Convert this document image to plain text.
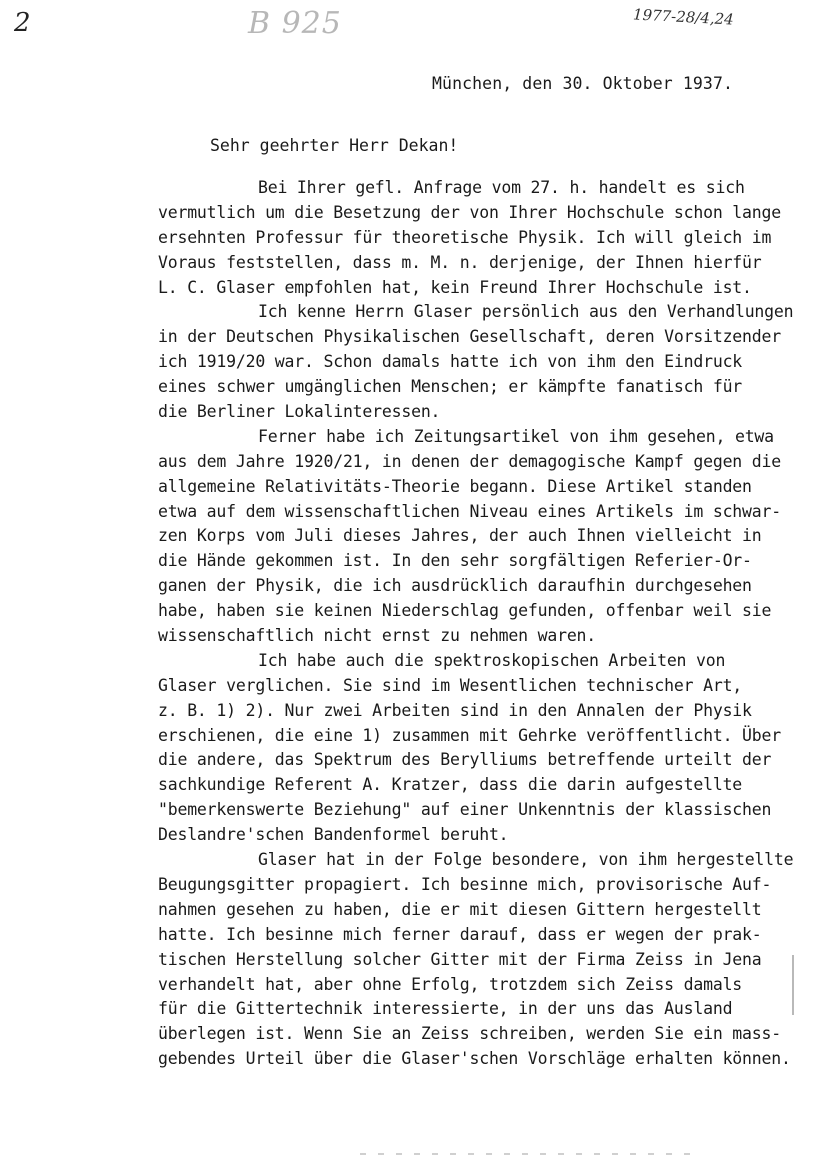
2	B 925	1977-28/4,24
München, den 30. Oktober 1937.
Sehr geehrter Herr Dekan!
Bei Ihrer gefl. Anfrage vom 27. h. handelt es sich
vermutlich um die Besetzung der von Ihrer Hochschule schon lange
ersehnten Professur für theoretische Physik. Ich will gleich im
Voraus feststellen, dass m. M. n. derjenige, der Ihnen hierfür
L. C. Glaser empfohlen hat, kein Freund Ihrer Hochschule ist.
Ich kenne Herrn Glaser persönlich aus den Verhandlungen
in der Deutschen Physikalischen Gesellschaft, deren Vorsitzender
ich 1919/20 war. Schon damals hatte ich von ihm den Eindruck
eines schwer umgänglichen Menschen; er kämpfte fanatisch für
die Berliner Lokalinteressen.
Ferner habe ich Zeitungsartikel von ihm gesehen, etwa
aus dem Jahre 1920/21, in denen der demagogische Kampf gegen die
allgemeine Relativitäts-Theorie begann. Diese Artikel standen
etwa auf dem wissenschaftlichen Niveau eines Artikels im schwar-
zen Korps vom Juli dieses Jahres, der auch Ihnen vielleicht in
die Hände gekommen ist. In den sehr sorgfältigen Referier-Or-
ganen der Physik, die ich ausdrücklich daraufhin durchgesehen
habe, haben sie keinen Niederschlag gefunden, offenbar weil sie
wissenschaftlich nicht ernst zu nehmen waren.
Ich habe auch die spektroskopischen Arbeiten von
Glaser verglichen. Sie sind im Wesentlichen technischer Art,
z. B. 1) 2). Nur zwei Arbeiten sind in den Annalen der Physik
erschienen, die eine 1) zusammen mit Gehrke veröffentlicht. Über
die andere, das Spektrum des Berylliums betreffende urteilt der
sachkundige Referent A. Kratzer, dass die darin aufgestellte
"bemerkenswerte Beziehung" auf einer Unkenntnis der klassischen
Deslandre'schen Bandenformel beruht.
Glaser hat in der Folge besondere, von ihm hergestellte
Beugungsgitter propagiert. Ich besinne mich, provisorische Auf-
nahmen gesehen zu haben, die er mit diesen Gittern hergestellt
hatte. Ich besinne mich ferner darauf, dass er wegen der prak-
tischen Herstellung solcher Gitter mit der Firma Zeiss in Jena
verhandelt hat, aber ohne Erfolg, trotzdem sich Zeiss damals
für die Gittertechnik interessierte, in der uns das Ausland
überlegen ist. Wenn Sie an Zeiss schreiben, werden Sie ein mass-
gebendes Urteil über die Glaser'schen Vorschläge erhalten können.
